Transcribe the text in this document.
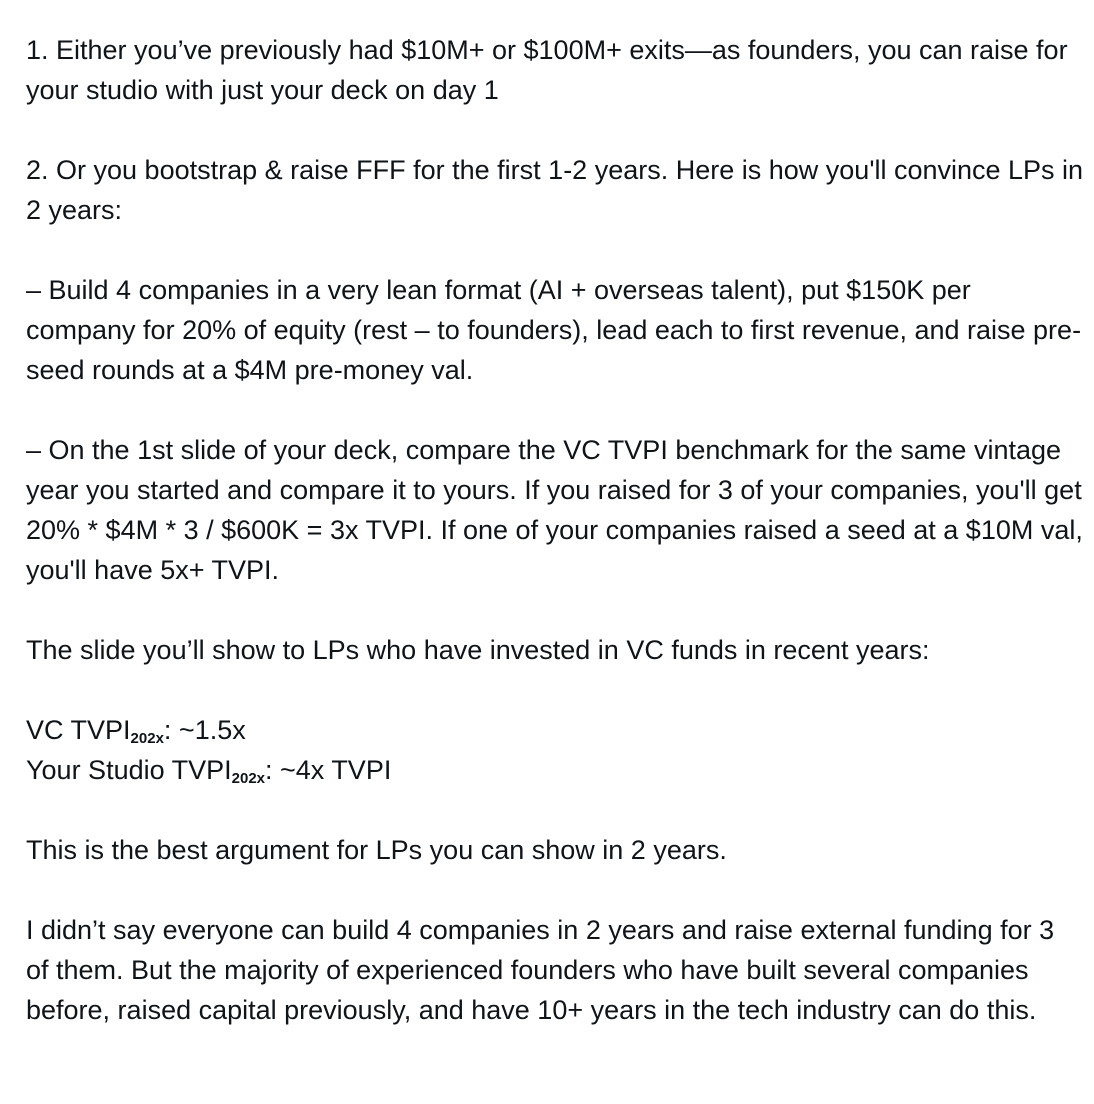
1. Either you’ve previously had $10M+ or $100M+ exits—as founders, you can raise for your studio with just your deck on day 1

2. Or you bootstrap & raise FFF for the first 1-2 years. Here is how you'll convince LPs in 2 years:

– Build 4 companies in a very lean format (AI + overseas talent), put $150K per company for 20% of equity (rest – to founders), lead each to first revenue, and raise pre-seed rounds at a $4M pre-money val.

– On the 1st slide of your deck, compare the VC TVPI benchmark for the same vintage year you started and compare it to yours. If you raised for 3 of your companies, you'll get 20% * $4M * 3 / $600K = 3x TVPI. If one of your companies raised a seed at a $10M val, you'll have 5x+ TVPI.

The slide you’ll show to LPs who have invested in VC funds in recent years:

VC $TVPI_{202x}$: ~1.5x
Your Studio $TVPI_{202x}$: ~4x TVPI

This is the best argument for LPs you can show in 2 years.

I didn’t say everyone can build 4 companies in 2 years and raise external funding for 3 of them. But the majority of experienced founders who have built several companies before, raised capital previously, and have 10+ years in the tech industry can do this.
